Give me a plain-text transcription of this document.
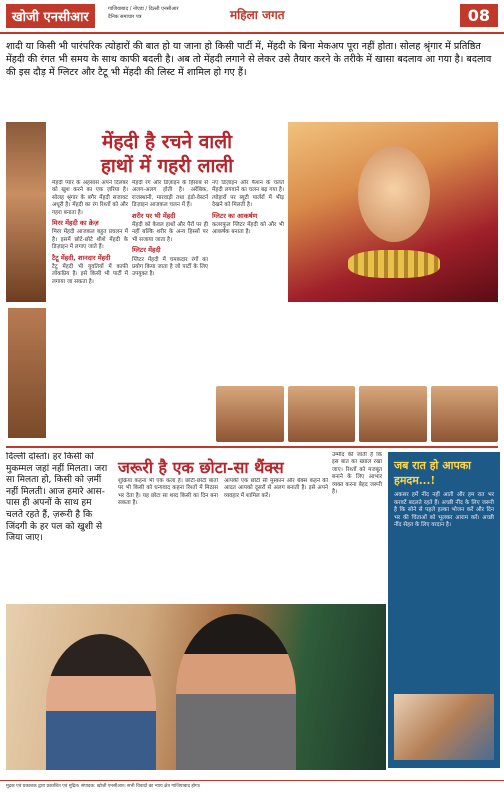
खोजी एनसीआर
गाजियाबाद / नोएडा / दिल्ली एनसीआर
दैनिक समाचार पत्र	महिला जगत	08
शादी या किसी भी पारंपरिक त्योहारों की बात हो या जाना हो किसी पार्टी में, मेंहदी के बिना मेकअप पूरा नहीं होता। सोलह श्रृंगार में प्रतिष्ठित मेंहदी की रंगत भी समय के साथ काफी बदली है। अब तो मेंहदी लगाने से लेकर उसे तैयार करने के तरीके में खासा बदलाव आ गया है। बदलाव की इस दौड़ में ग्लिटर और टैटू भी मेंहदी की लिस्ट में शामिल हो गए हैं।
मेंहदी है रचने वाली
हाथों में गहरी लाली
मेंहदी प्यार के अहसास अपने दिलबर को खुश करने का एक ज़रिया है। सोलह श्रृंगार के बगैर मेंहदी सजावट अधूरी है। मेंहदी का रंग रिश्तों को और गहरा बनाता है।
मिरर मेंहदी का क्रेज़
मिरर मेंहदी आजकल बहुत प्रचलन में है। इसमें छोटे-छोटे शीशे मेंहदी के डिज़ाइन में लगाए जाते हैं।
टैटू मेंहदी, शानदार मेंहदी
टैटू मेंहदी भी युवतियों में काफी लोकप्रिय है। इसे किसी भी पार्टी में लगाया जा सकता है।
मेंहदी रंग और डिज़ाइन के हिसाब से अलग-अलग होती है। अरेबिक, राजस्थानी, मारवाड़ी तथा इंडो-वेस्टर्न डिज़ाइन आजकल चलन में हैं।
शरीर पर भी मेंहदी
मेंहदी को केवल हाथों और पैरों पर ही नहीं बल्कि शरीर के अन्य हिस्सों पर भी सजाया जाता है।
ग्लिटर मेंहदी
ग्लिटर मेंहदी में चमकदार रंगों का प्रयोग किया जाता है जो पार्टी के लिए उपयुक्त है।
नए डिज़ाइन और फैशन के चलते मेंहदी लगवाने का चलन बढ़ गया है। त्योहारों पर ब्यूटी पार्लरों में भीड़ देखने को मिलती है।
ग्लिटर का आकर्षण
कलरफुल ग्लिटर मेंहदी को और भी आकर्षक बनाता है।
दिल्ली दोस्तों। हर किसी को मुकम्मल जहां नहीं मिलता। जरा सा मिलता हो, किसी को ज़मीं नहीं मिलती। आज हमारे आस-पास ही अपनों के साथ हम चलते रहते हैं, ज़रूरी है कि जिंदगी के हर पल को खुशी से जिया जाए।
जरूरी है एक छोटा-सा थैंक्स
शुक्रिया कहना भी एक कला है। छोटी-छोटी बातों पर भी किसी को धन्यवाद कहना रिश्तों में मिठास भर देता है। यह छोटा सा शब्द किसी का दिन बना सकता है।
आपकी एक छोटी सी मुस्कान और थैंक्स कहने की आदत आपको दूसरों से अलग बनाती है। इसे अपने व्यवहार में शामिल करें।
उम्मीद की जाती है कि इस बात का ख्याल रखा जाए। रिश्तों को मजबूत बनाने के लिए आभार व्यक्त करना बेहद जरूरी है।
जब रात हो आपका हमदम...!
अकसर हमें नींद नहीं आती और हम रात भर करवटें बदलते रहते हैं। अच्छी नींद के लिए जरूरी है कि सोने से पहले हल्का भोजन करें और दिन भर की चिंताओं को भूलकर आराम करें। अच्छी नींद सेहत के लिए वरदान है।
मुद्रक एवं प्रकाशक द्वारा प्रकाशित एवं मुद्रित। संपादक: खोजी एनसीआर। सभी विवादों का न्याय क्षेत्र गाजियाबाद होगा।
